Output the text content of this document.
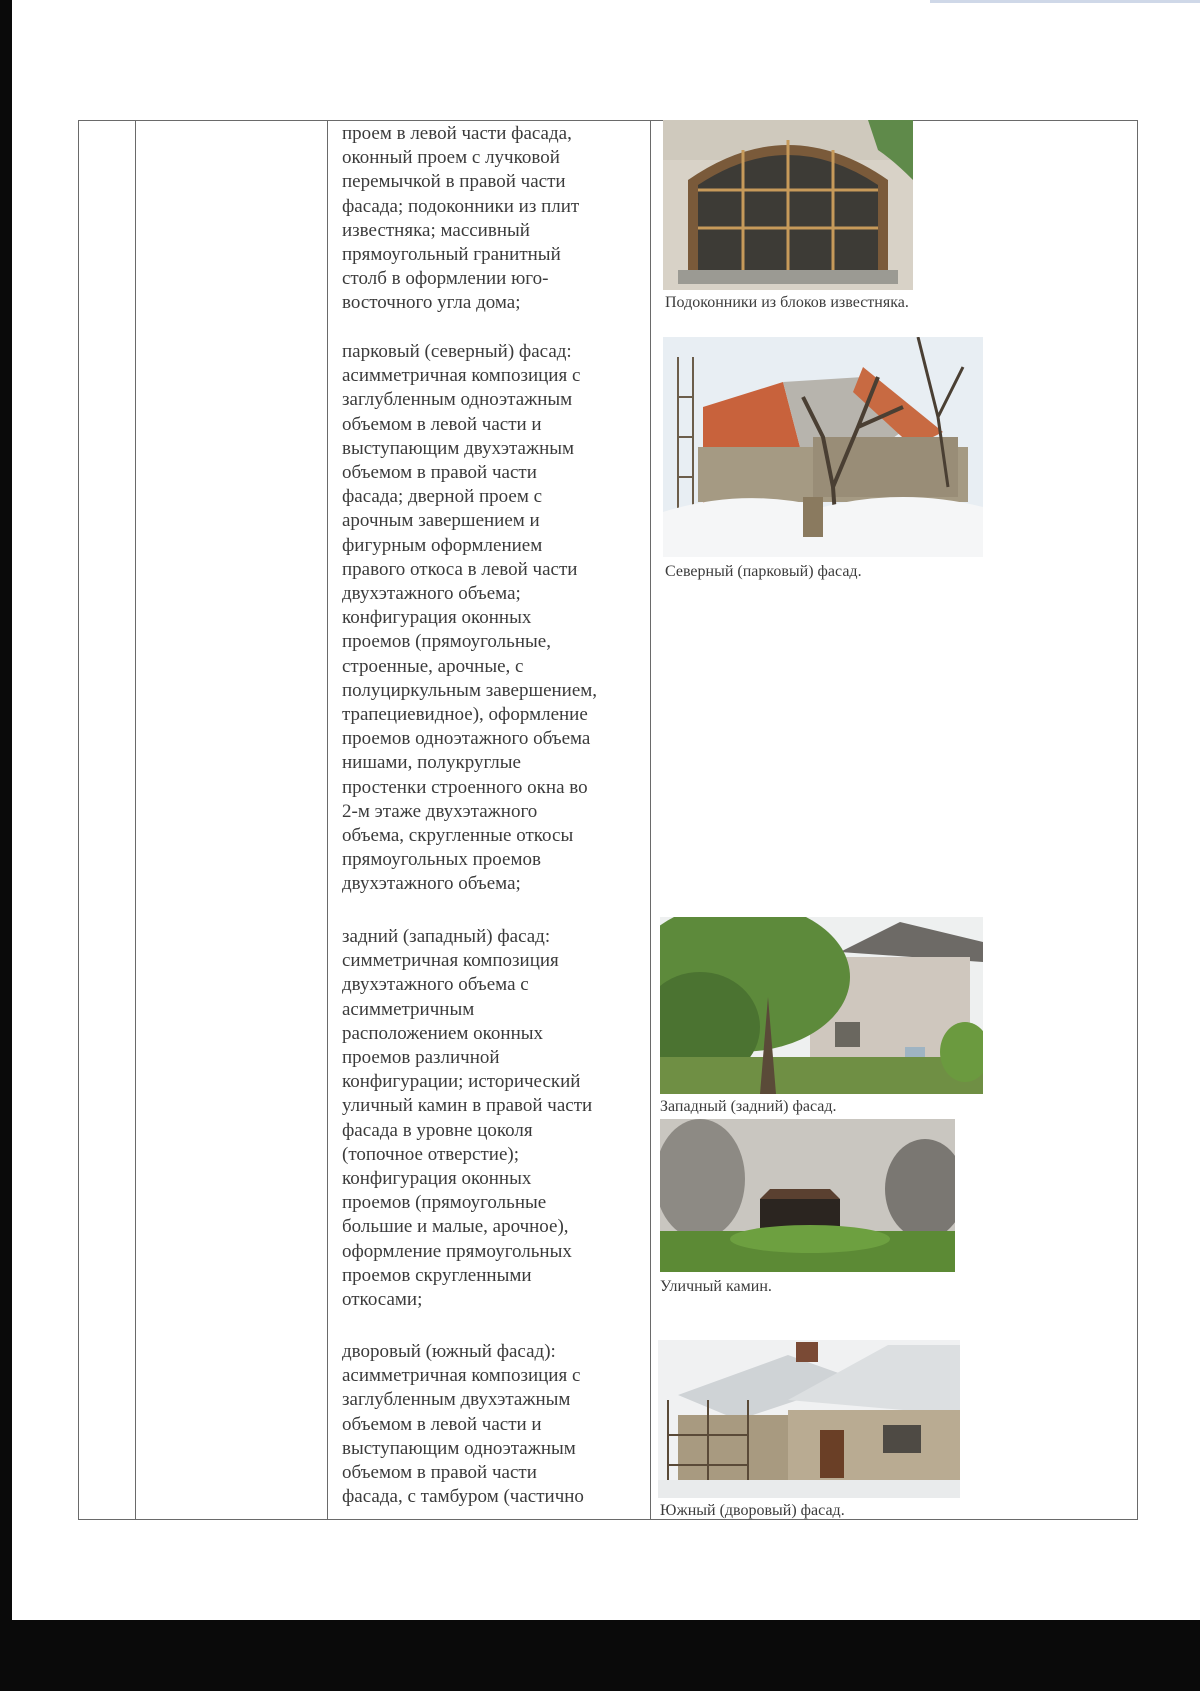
проем в левой части фасада,
оконный проем с лучковой
перемычкой в правой части
фасада; подоконники из плит
известняка; массивный
прямоугольный гранитный
столб в оформлении юго-
восточного угла дома;
парковый (северный) фасад:
асимметричная композиция с
заглубленным одноэтажным
объемом в левой части и
выступающим двухэтажным
объемом в правой части
фасада; дверной проем с
арочным завершением и
фигурным оформлением
правого откоса в левой части
двухэтажного объема;
конфигурация оконных
проемов (прямоугольные,
строенные, арочные, с
полуциркульным завершением,
трапециевидное), оформление
проемов одноэтажного объема
нишами, полукруглые
простенки строенного окна во
2-м этаже двухэтажного
объема, скругленные откосы
прямоугольных проемов
двухэтажного объема;
задний (западный) фасад:
симметричная композиция
двухэтажного объема с
асимметричным
расположением оконных
проемов различной
конфигурации; исторический
уличный камин в правой части
фасада в уровне цоколя
(топочное отверстие);
конфигурация оконных
проемов (прямоугольные
большие и малые, арочное),
оформление прямоугольных
проемов скругленными
откосами;
дворовый (южный фасад):
асимметричная композиция с
заглубленным двухэтажным
объемом в левой части и
выступающим одноэтажным
объемом в правой части
фасада, с тамбуром (частично
Подоконники из блоков известняка.
Северный (парковый) фасад.
Западный (задний) фасад.
Уличный камин.
Южный (дворовый) фасад.
